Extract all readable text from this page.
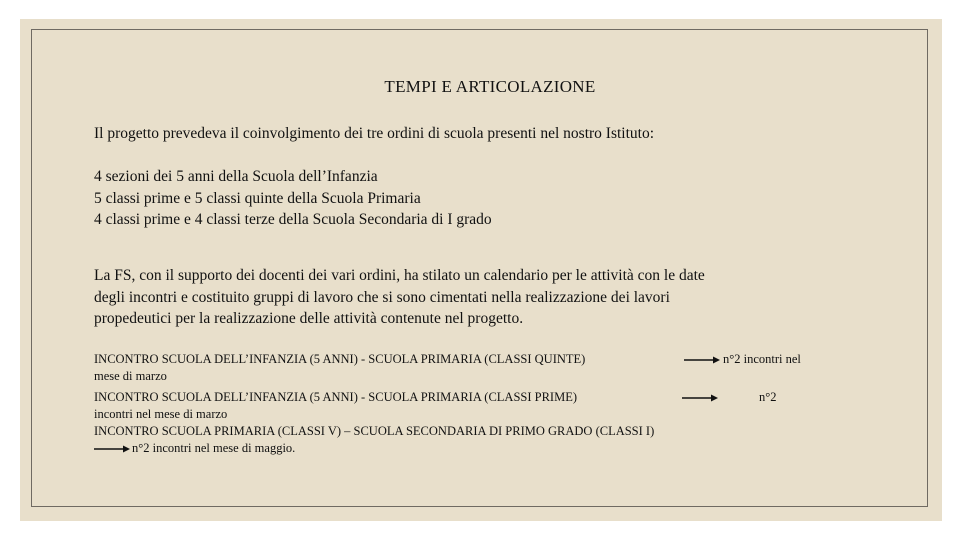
TEMPI E ARTICOLAZIONE
Il progetto prevedeva il coinvolgimento dei tre ordini di scuola presenti nel nostro Istituto:
4 sezioni dei 5 anni della Scuola dell’Infanzia
5 classi prime e 5 classi quinte della Scuola Primaria
4 classi prime e 4 classi terze della Scuola Secondaria di I grado
La FS, con il supporto dei docenti dei vari ordini, ha stilato un calendario per le attività con le date
degli incontri e costituito gruppi di lavoro che si sono cimentati nella realizzazione dei lavori
propedeutici per la realizzazione delle attività contenute nel progetto.
INCONTRO SCUOLA DELL’INFANZIA (5 ANNI) - SCUOLA PRIMARIA (CLASSI QUINTE)	n°2 incontri nel
mese di marzo
INCONTRO SCUOLA DELL’INFANZIA (5 ANNI) - SCUOLA PRIMARIA (CLASSI PRIME)	n°2
incontri nel mese di marzo
INCONTRO SCUOLA PRIMARIA (CLASSI V) – SCUOLA SECONDARIA DI PRIMO GRADO (CLASSI I)
n°2 incontri nel mese di maggio.
